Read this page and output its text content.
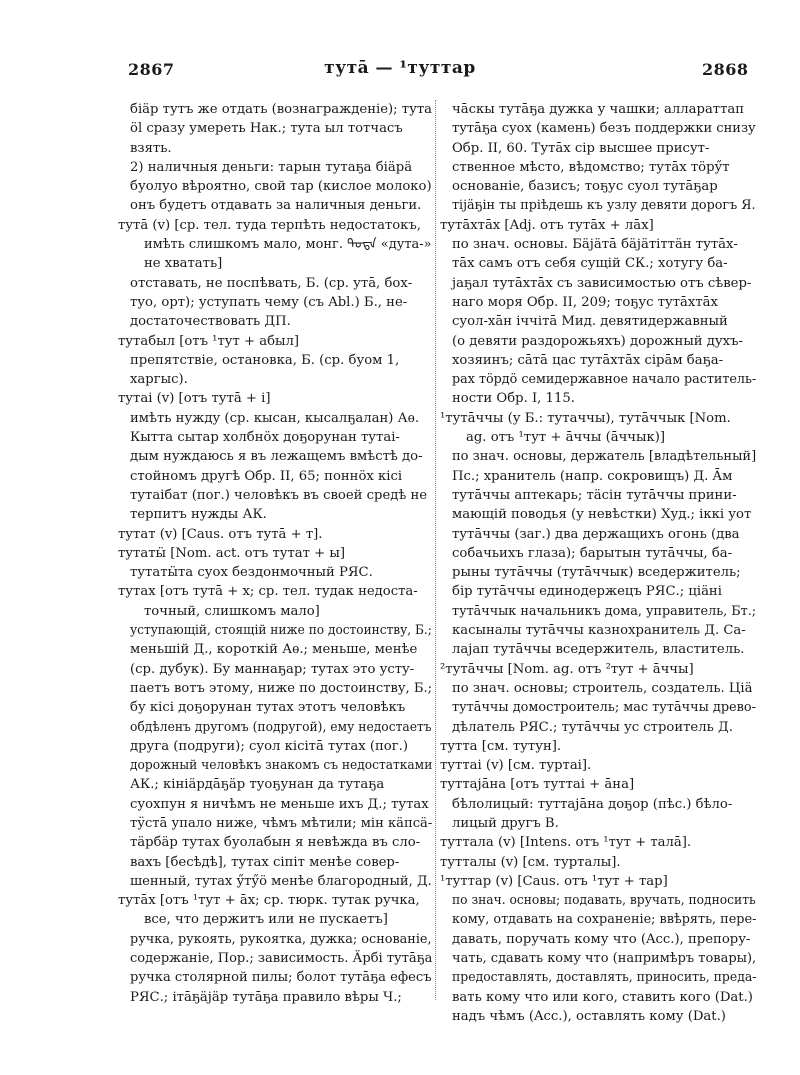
2867	тутā — ¹туттар	2868
біäр тутъ же отдать (вознагражденіе); тута
öl сразу умереть Нак.; тута ыл тотчасъ
взять.
2) наличныя деньги: тарын тутаҕа біäрä
буолуо вѣроятно, свой тар (кислое молоко)
онъ будетъ отдавать за наличныя деньги.
тутā (v) [ср. тел. туда терпѣть недостатокъ,
имѣть слишкомъ мало, монг. ᠳᠤᠲᠠ «дута-»
не хватать]
отставать, не поспѣвать, Б. (ср. утā, бох-
туо, орт); уступать чему (съ Abl.) Б., не-
достаточествовать ДП.
тутабыл [отъ ¹тут + абыл]
препятствіе, остановка, Б. (ср. буом 1,
харгыс).
тутаі (v) [отъ тутā + і]
имѣть нужду (ср. кысан, кысалҕалан) Аѳ.
Кытта сытар холбнӧх доҕорунан тутаі-
дым нуждаюсь я въ лежащемъ вмѣстѣ до-
стойномъ другѣ Обр. II, 65; поннӧх кісі
тутаібат (пог.) человѣкъ въ своей средѣ не
терпитъ нужды АК.
тутат (v) [Caus. отъ тутā + т].
тутатӹ [Nom. act. отъ тутат + ы]
тутатӹта суох бездонмочный РЯС.
тутах [отъ тутā + х; ср. тел. тудак недоста-
точный, слишкомъ мало]
уступающій, стоящій ниже по достоинству, Б.;
меньшій Д., короткій Аѳ.; меньше, менѣе
(ср. дубук). Бу маннаҕар; тутах это усту-
паетъ вотъ этому, ниже по достоинству, Б.;
бу кісі доҕорунан тутах этотъ человѣкъ
обдѣленъ другомъ (подругой), ему недостаетъ
друга (подруги); суол кісітā тутах (пог.)
дорожный человѣкъ знакомъ съ недостатками
АК.; кініäрдāҕäр туоҕунан да тутаҕа
суохпун я ничѣмъ не меньше ихъ Д.; тутах
тӱстā упало ниже, чѣмъ мѣтили; мін кäпсä-
тäрбäр тутах буолабын я невѣжда въ сло-
вахъ [бесѣдѣ], тутах сіпіт менѣе совер-
шенный, тутах ӳтӳӧ менѣе благородный, Д.
тутāх [отъ ¹тут + āх; ср. тюрк. тутак ручка,
все, что держитъ или не пускаетъ]
ручка, рукоять, рукоятка, дужка; основаніе,
содержаніе, Пор.; зависимость. Ӓрбі тутāҕа
ручка столярной пилы; болот тутāҕа ефесъ
РЯС.; ітāҕäjäр тутāҕа правило вѣры Ч.;
чāскы тутāҕа дужка у чашки; аллараттап
тутāҕа суох (камень) безъ поддержки снизу
Обр. II, 60. Тутāх сір высшее присут-
ственное мѣсто, вѣдомство; тутāх тӧрӳт
основаніе, базисъ; тоҕус суол тутāҕар
тіјäҕін ты пріѣдешь къ узлу девяти дорогъ Я.
тутāхтāх [Adj. отъ тутāх + лāх]
по знач. основы. Бäjäтā бäjäтіттäн тутāх-
тāх самъ отъ себя сущій СК.; хотугу ба-
јаҕал тутāхтāх съ зависимостью отъ сѣвер-
наго моря Обр. II, 209; тоҕус тутāхтāх
суол-хāн іччітā Мид. девятидержавный
(о девяти раздорожьяхъ) дорожный духъ-
хозяинъ; сāтā цас тутāхтāх сірāм баҕа-
рах тӧрдӧ семидержавное начало раститель-
ности Обр. I, 115.
¹тутāччы (у Б.: тутаччы), тутāччык [Nom.
ag. отъ ¹тут + āччы (āччык)]
по знач. основы, держатель [владѣтельный]
Пс.; хранитель (напр. сокровищъ) Д. Āм
тутāччы аптекарь; тäсін тутāччы прини-
мающій поводья (у невѣстки) Худ.; іккі уот
тутāччы (заг.) два держащихъ огонь (два
собачьихъ глаза); барытын тутāччы, ба-
рыны тутāччы (тутāччык) вседержитель;
біp тутāччы единодержецъ РЯС.; ціäнi
тутāччык начальникъ дома, управитель, Бт.;
касыналы тутāччы казнохранитель Д. Са-
лајап тутāччы вседержитель, властитель.
²тутāччы [Nom. ag. отъ ²тут + āччы]
по знач. основы; строитель, создатель. Ціä
тутāччы домостроитель; мас тутāччы древо-
дѣлатель РЯС.; тутāччы ус строитель Д.
тутта [см. тутун].
туттаі (v) [см. туртаі].
туттаjāна [отъ туттаі + āна]
бѣлолицый: туттаjāна доҕор (пѣс.) бѣло-
лицый другъ В.
туттала (v) [Intens. отъ ¹тут + талā].
тутталы (v) [см. турталы].
¹туттар (v) [Caus. отъ ¹тут + тар]
по знач. основы; подавать, вручать, подносить
кому, отдавать на сохраненіе; ввѣрять, пере-
давать, поручать кому что (Acc.), препору-
чать, сдавать кому что (напримѣръ товары),
предоставлять, доставлять, приносить, преда-
вать кому что или кого, ставить кого (Dat.)
надъ чѣмъ (Acc.), оставлять кому (Dat.)
